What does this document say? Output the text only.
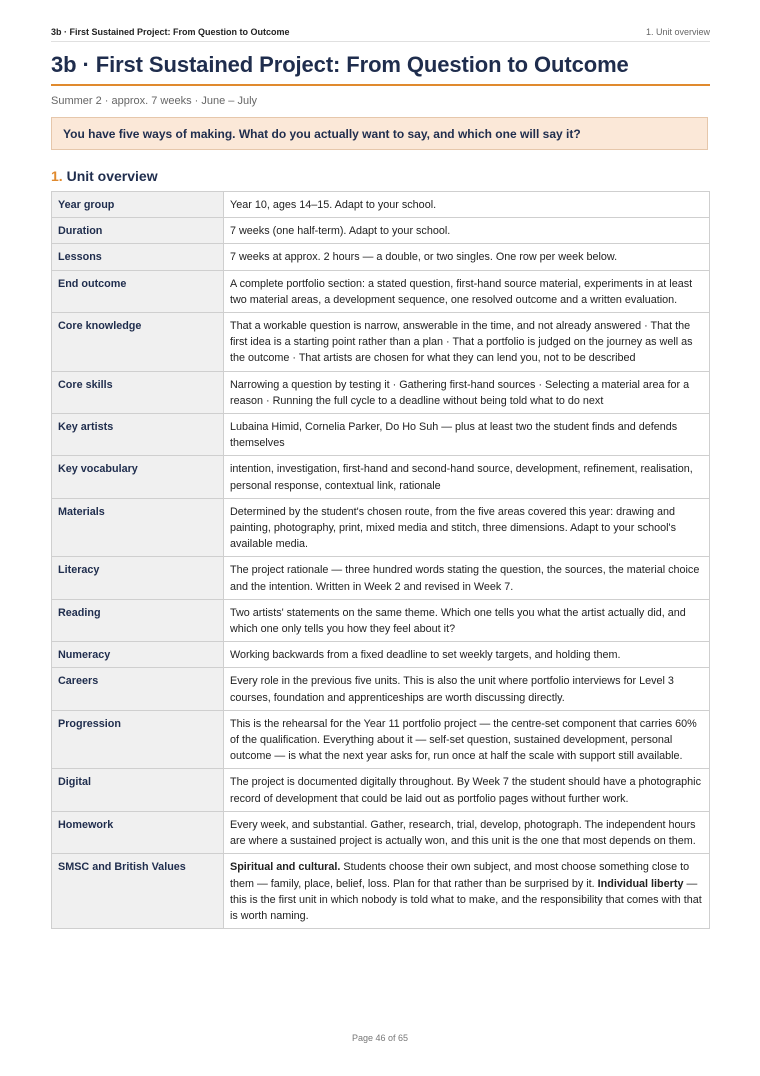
3b · First Sustained Project: From Question to Outcome	1. Unit overview
3b · First Sustained Project: From Question to Outcome
Summer 2 · approx. 7 weeks · June – July
You have five ways of making. What do you actually want to say, and which one will say it?
1. Unit overview
Year group	Year 10, ages 14–15. Adapt to your school.
Duration	7 weeks (one half-term). Adapt to your school.
Lessons	7 weeks at approx. 2 hours — a double, or two singles. One row per week below.
End outcome	A complete portfolio section: a stated question, first-hand source material, experiments in at least two material areas, a development sequence, one resolved outcome and a written evaluation.
Core knowledge	That a workable question is narrow, answerable in the time, and not already answered · That the first idea is a starting point rather than a plan · That a portfolio is judged on the journey as well as the outcome · That artists are chosen for what they can lend you, not to be described
Core skills	Narrowing a question by testing it · Gathering first-hand sources · Selecting a material area for a reason · Running the full cycle to a deadline without being told what to do next
Key artists	Lubaina Himid, Cornelia Parker, Do Ho Suh — plus at least two the student finds and defends themselves
Key vocabulary	intention, investigation, first-hand and second-hand source, development, refinement, realisation, personal response, contextual link, rationale
Materials	Determined by the student's chosen route, from the five areas covered this year: drawing and painting, photography, print, mixed media and stitch, three dimensions. Adapt to your school's available media.
Literacy	The project rationale — three hundred words stating the question, the sources, the material choice and the intention. Written in Week 2 and revised in Week 7.
Reading	Two artists' statements on the same theme. Which one tells you what the artist actually did, and which one only tells you how they feel about it?
Numeracy	Working backwards from a fixed deadline to set weekly targets, and holding them.
Careers	Every role in the previous five units. This is also the unit where portfolio interviews for Level 3 courses, foundation and apprenticeships are worth discussing directly.
Progression	This is the rehearsal for the Year 11 portfolio project — the centre-set component that carries 60% of the qualification. Everything about it — self-set question, sustained development, personal outcome — is what the next year asks for, run once at half the scale with support still available.
Digital	The project is documented digitally throughout. By Week 7 the student should have a photographic record of development that could be laid out as portfolio pages without further work.
Homework	Every week, and substantial. Gather, research, trial, develop, photograph. The independent hours are where a sustained project is actually won, and this unit is the one that most depends on them.
SMSC and British Values	Spiritual and cultural. Students choose their own subject, and most choose something close to them — family, place, belief, loss. Plan for that rather than be surprised by it. Individual liberty — this is the first unit in which nobody is told what to make, and the responsibility that comes with that is worth naming.
Page 46 of 65
